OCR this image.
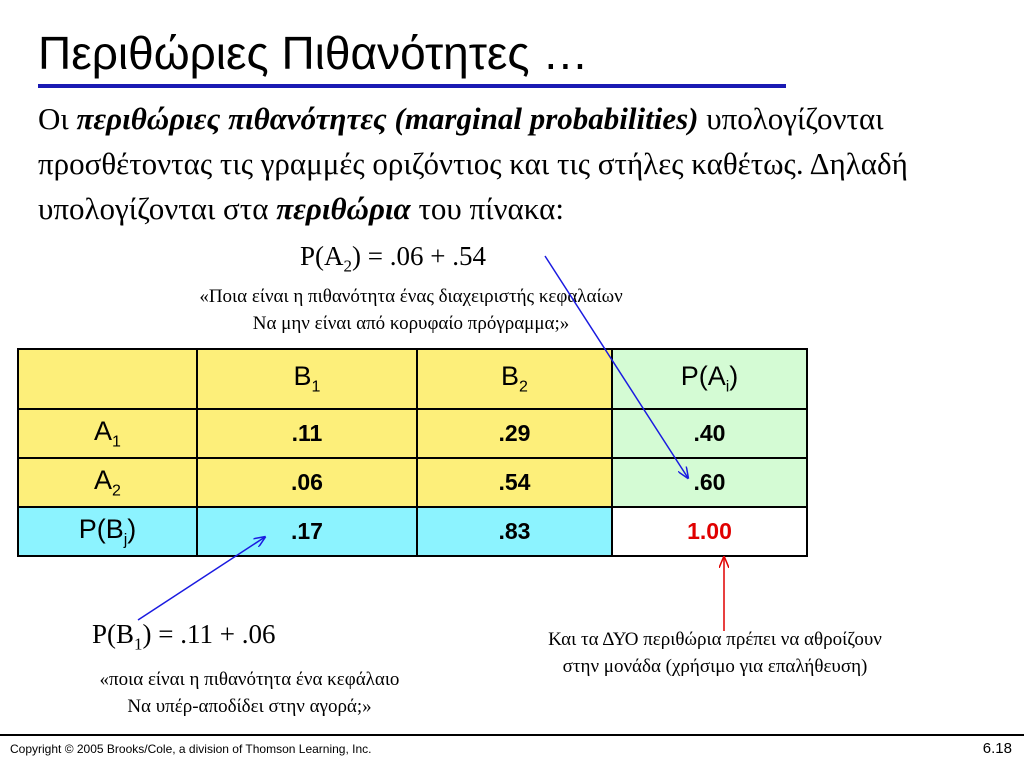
Περιθώριες Πιθανότητες …
Οι περιθώριες πιθανότητες (marginal probabilities) υπολογίζονται προσθέτοντας τις γραμμές οριζόντιος και τις στήλες καθέτως. Δηλαδή υπολογίζονται στα περιθώρια του πίνακα:
$P(A_2) = .06 + .54$
«Ποια είναι η πιθανότητα ένας διαχειριστής κεφαλαίων
Να μην είναι από κορυφαίο πρόγραμμα;»
	$B_1$	$B_2$	$P(A_i)$
$A_1$	.11	.29	.40
$A_2$	.06	.54	.60
$P(B_j)$	.17	.83	1.00
$P(B_1) = .11 + .06$
«ποια είναι η πιθανότητα ένα κεφάλαιο
Να υπέρ-αποδίδει στην αγορά;»
Και τα ΔΥΟ περιθώρια πρέπει να αθροίζουν
στην μονάδα (χρήσιμο για επαλήθευση)
Copyright © 2005 Brooks/Cole, a division of Thomson Learning, Inc.	6.18
